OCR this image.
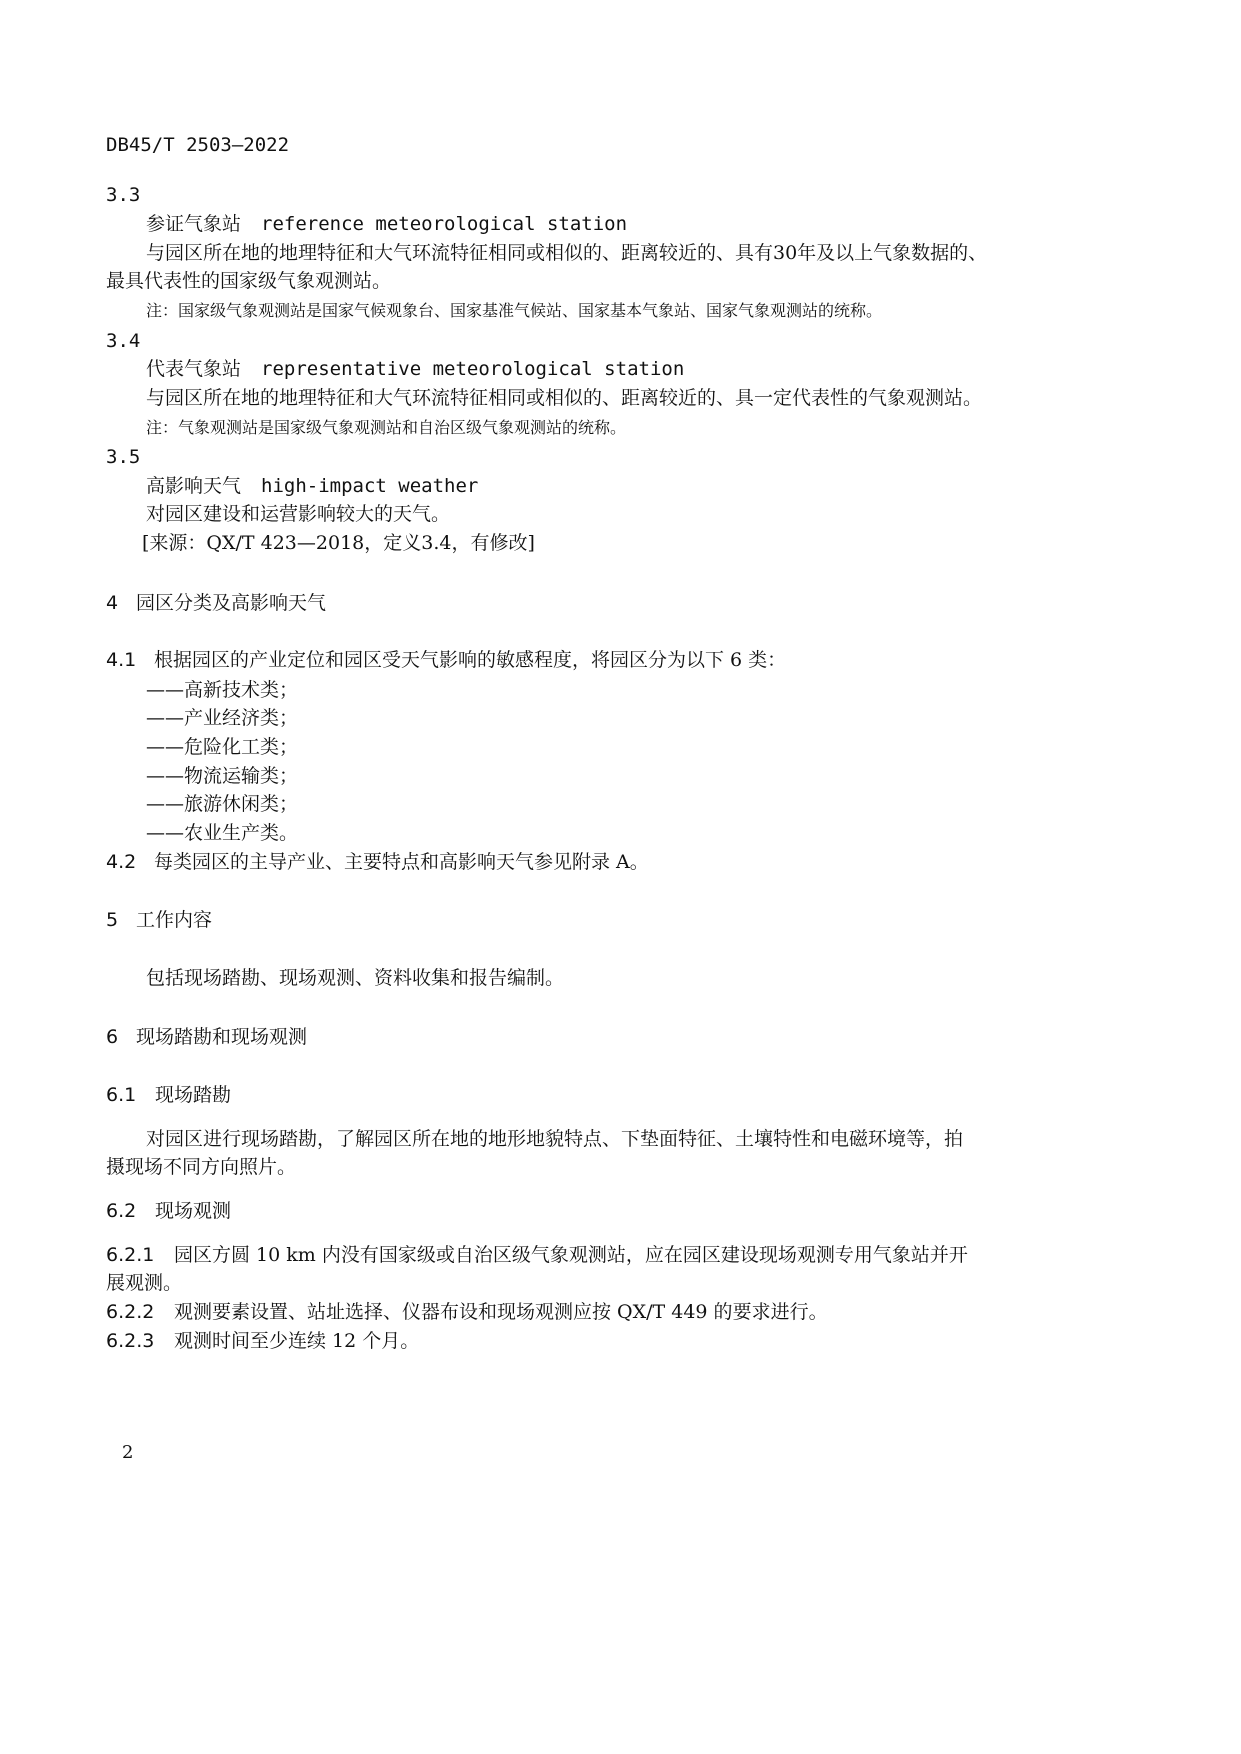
DB45/T 2503—2022
3.3
参证气象站 reference meteorological station
与园区所在地的地理特征和大气环流特征相同或相似的、距离较近的、具有30年及以上气象数据的、
最具代表性的国家级气象观测站。
注：国家级气象观测站是国家气候观象台、国家基准气候站、国家基本气象站、国家气象观测站的统称。
3.4
代表气象站 representative meteorological station
与园区所在地的地理特征和大气环流特征相同或相似的、距离较近的、具一定代表性的气象观测站。
注：气象观测站是国家级气象观测站和自治区级气象观测站的统称。
3.5
高影响天气 high-impact weather
对园区建设和运营影响较大的天气。
[来源：QX/T 423—2018，定义3.4，有修改]
4 园区分类及高影响天气
4.1 根据园区的产业定位和园区受天气影响的敏感程度，将园区分为以下 6 类：
——高新技术类；
——产业经济类；
——危险化工类；
——物流运输类；
——旅游休闲类；
——农业生产类。
4.2 每类园区的主导产业、主要特点和高影响天气参见附录 A。
5 工作内容
包括现场踏勘、现场观测、资料收集和报告编制。
6 现场踏勘和现场观测
6.1 现场踏勘
对园区进行现场踏勘，了解园区所在地的地形地貌特点、下垫面特征、土壤特性和电磁环境等，拍
摄现场不同方向照片。
6.2 现场观测
6.2.1 园区方圆 10 km 内没有国家级或自治区级气象观测站，应在园区建设现场观测专用气象站并开
展观测。
6.2.2 观测要素设置、站址选择、仪器布设和现场观测应按 QX/T 449 的要求进行。
6.2.3 观测时间至少连续 12 个月。
2
